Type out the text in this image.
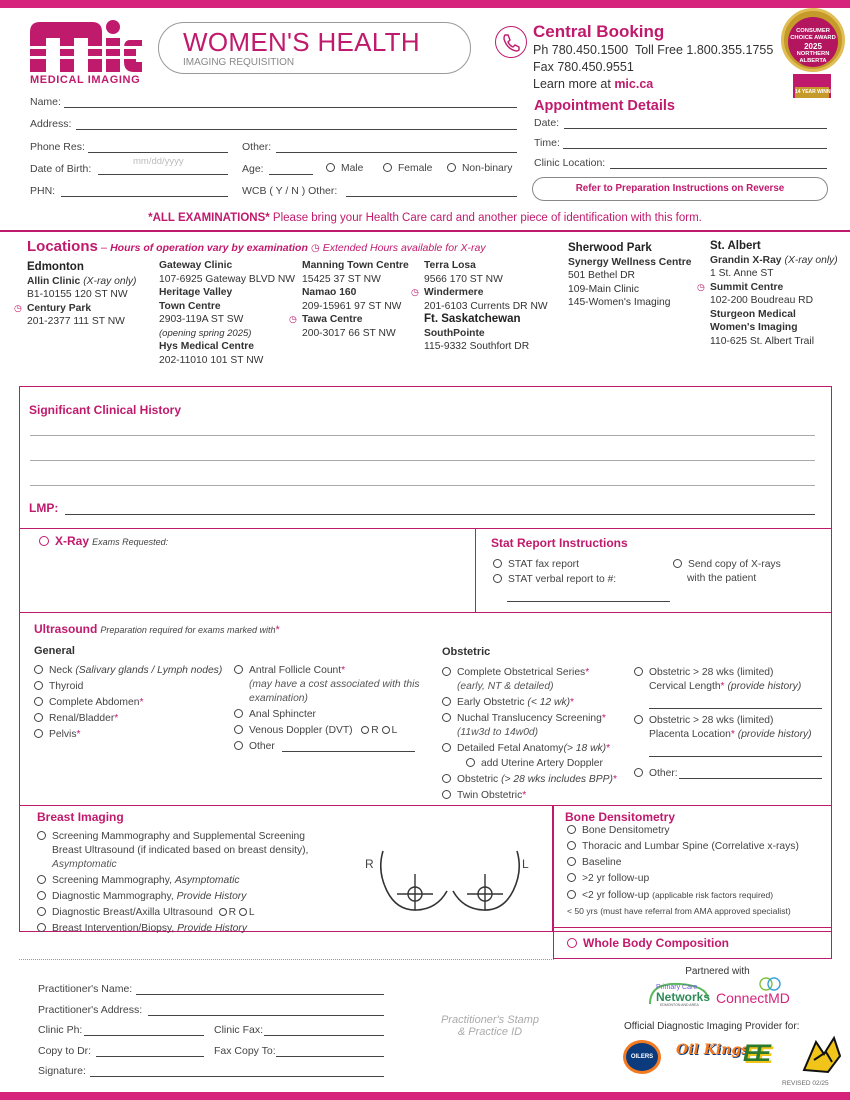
MEDICAL IMAGING
WOMEN'S HEALTH
IMAGING REQUISITION
Central Booking
Ph 780.450.1500 Toll Free 1.800.355.1755
Fax 780.450.9551
Learn more at mic.ca
CONSUMER
CHOICE AWARD
2025
NORTHERN
ALBERTA
14 YEAR WINNER
Name:
Address:
Phone Res:	Other:
Date of Birth:
mm/dd/yyyy
Age:	Male	Female	Non-binary
PHN:	WCB ( Y / N ) Other:
Appointment Details
Date:
Time:
Clinic Location:
Refer to Preparation Instructions on Reverse
*ALL EXAMINATIONS* Please bring your Health Care card and another piece of identification with this form.
Locations – Hours of operation vary by examination ◷ Extended Hours available for X-ray
Edmonton
Allin Clinic (X-ray only)
B1-10155 120 ST NW
◷ Century Park
201-2377 111 ST NW
Gateway Clinic
107-6925 Gateway BLVD NW
Heritage Valley
Town Centre
2903-119A ST SW
(opening spring 2025)
Hys Medical Centre
202-11010 101 ST NW
Manning Town Centre
15425 37 ST NW
Namao 160
209-15961 97 ST NW
◷ Tawa Centre
200-3017 66 ST NW
Terra Losa
9566 170 ST NW
◷ Windermere
201-6103 Currents DR NW
Ft. Saskatchewan
SouthPointe
115-9332 Southfort DR
Sherwood Park
Synergy Wellness Centre
501 Bethel DR
109-Main Clinic
145-Women's Imaging
St. Albert
Grandin X-Ray (X-ray only)
1 St. Anne ST
◷ Summit Centre
102-200 Boudreau RD
Sturgeon Medical
Women's Imaging
110-625 St. Albert Trail
Significant Clinical History
LMP:
X-Ray Exams Requested:	Stat Report Instructions
STAT fax report
STAT verbal report to #:
Send copy of X-rays
with the patient
Ultrasound Preparation required for exams marked with*
General
Neck (Salivary glands / Lymph nodes)
Thyroid
Complete Abdomen*
Renal/Bladder*
Pelvis*
Antral Follicle Count*
(may have a cost associated with this
examination)
Anal Sphincter
Venous Doppler (DVT) R L
Other
Obstetric
Complete Obstetrical Series*
(early, NT & detailed)
Early Obstetric (< 12 wk)*
Nuchal Translucency Screening*
(11w3d to 14w0d)
Detailed Fetal Anatomy(> 18 wk)*
add Uterine Artery Doppler
Obstetric (> 28 wks includes BPP)*
Twin Obstetric*
Obstetric > 28 wks (limited)
Cervical Length* (provide history)
Obstetric > 28 wks (limited)
Placenta Location* (provide history)
Other:
Breast Imaging
Screening Mammography and Supplemental Screening
Breast Ultrasound (if indicated based on breast density),
Asymptomatic
Screening Mammography, Asymptomatic
Diagnostic Mammography, Provide History
Diagnostic Breast/Axilla Ultrasound R L
Breast Intervention/Biopsy, Provide History
R	L
Bone Densitometry
Bone Densitometry
Thoracic and Lumbar Spine (Correlative x-rays)
Baseline
>2 yr follow-up
<2 yr follow-up (applicable risk factors required)
< 50 yrs (must have referral from AMA approved specialist)
Whole Body Composition
Practitioner's Name:
Practitioner's Address:
Clinic Ph:	Clinic Fax:
Copy to Dr:	Fax Copy To:
Signature:
Practitioner's Stamp
& Practice ID
Partnered with
Primary Care
Networks
EDMONTON AND AREA ConnectMD
Official Diagnostic Imaging Provider for:
OILERS	Oil Kings
EE
REVISED 02/25
